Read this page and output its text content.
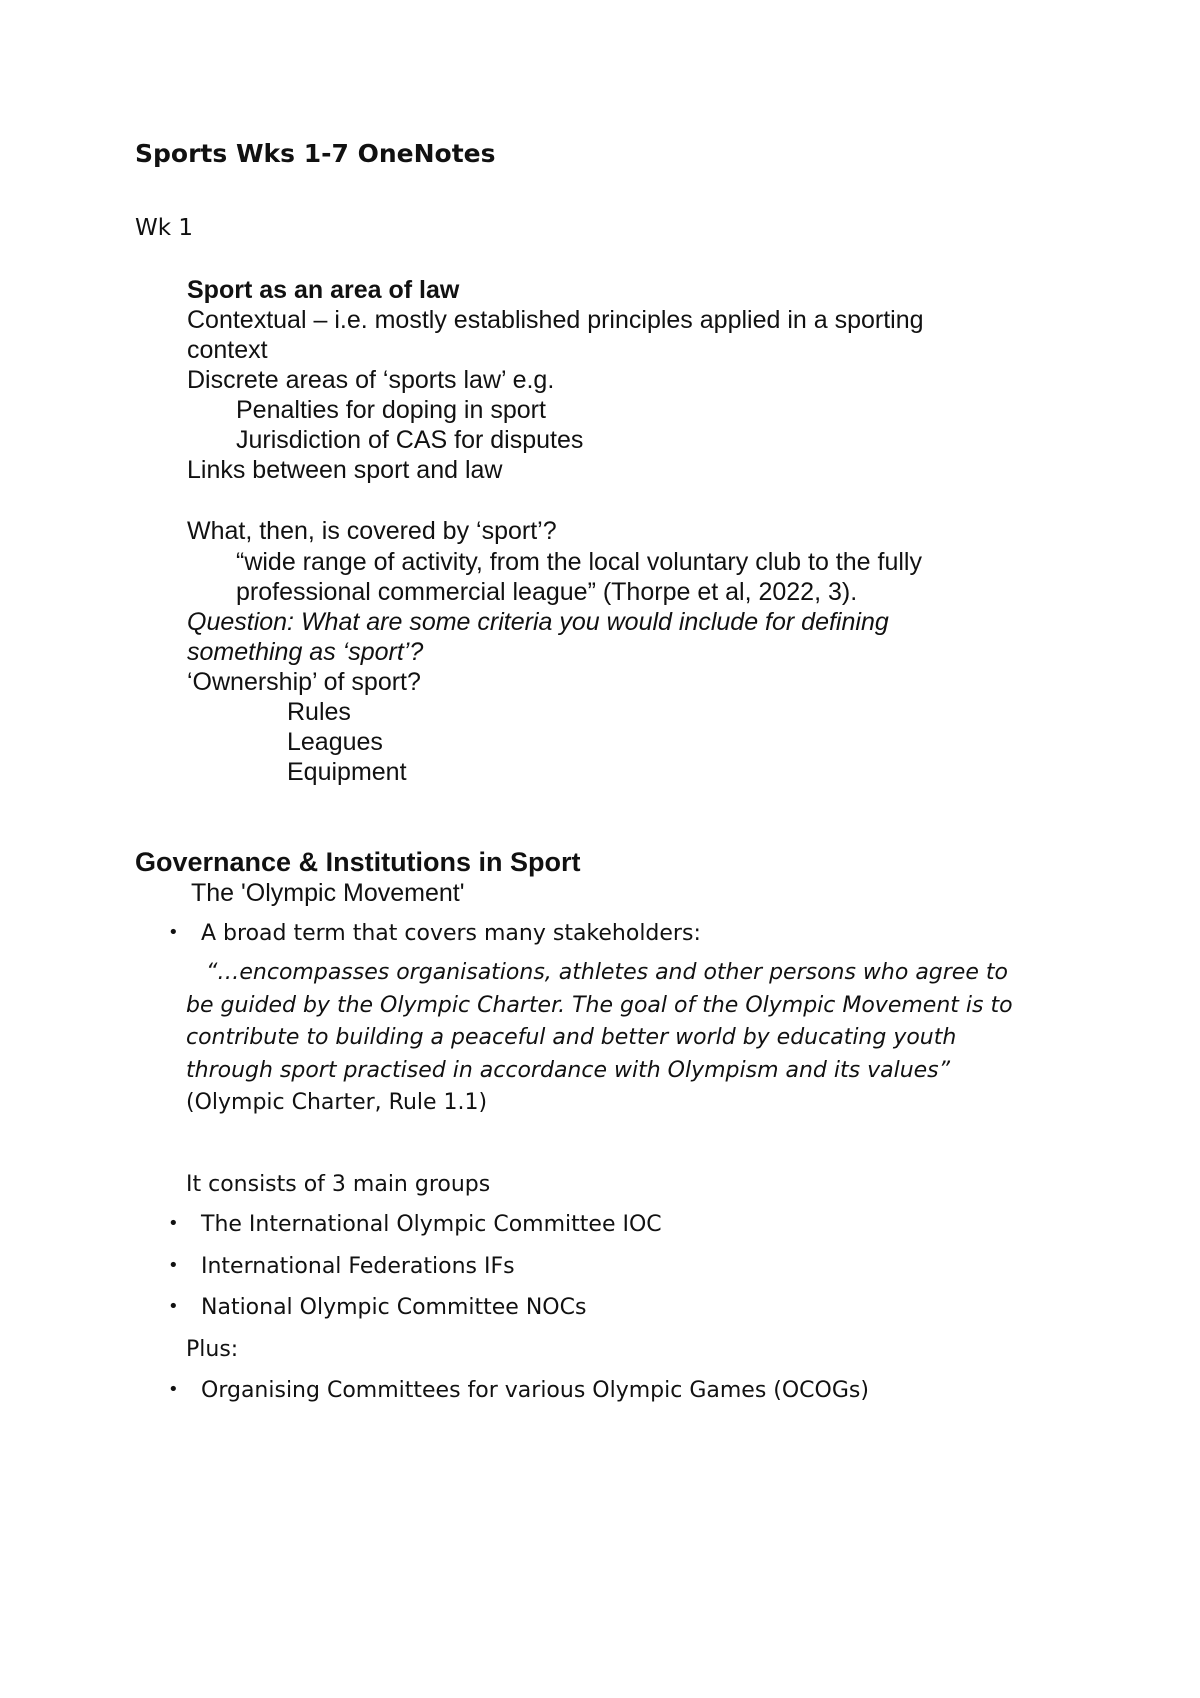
Sports Wks 1-7 OneNotes
Wk 1
Sport as an area of law
Contextual – i.e. mostly established principles applied in a sporting
context
Discrete areas of ‘sports law’ e.g.
Penalties for doping in sport
Jurisdiction of CAS for disputes
Links between sport and law
What, then, is covered by ‘sport’?
“wide range of activity, from the local voluntary club to the fully
professional commercial league” (Thorpe et al, 2022, 3).
Question: What are some criteria you would include for defining
something as ‘sport’?
‘Ownership’ of sport?
Rules
Leagues
Equipment
Governance & Institutions in Sport
The 'Olympic Movement'
• A broad term that covers many stakeholders:
“…encompasses organisations, athletes and other persons who agree to
be guided by the Olympic Charter. The goal of the Olympic Movement is to
contribute to building a peaceful and better world by educating youth
through sport practised in accordance with Olympism and its values”
(Olympic Charter, Rule 1.1)
It consists of 3 main groups
• The International Olympic Committee IOC
• International Federations IFs
• National Olympic Committee NOCs
Plus:
• Organising Committees for various Olympic Games (OCOGs)
